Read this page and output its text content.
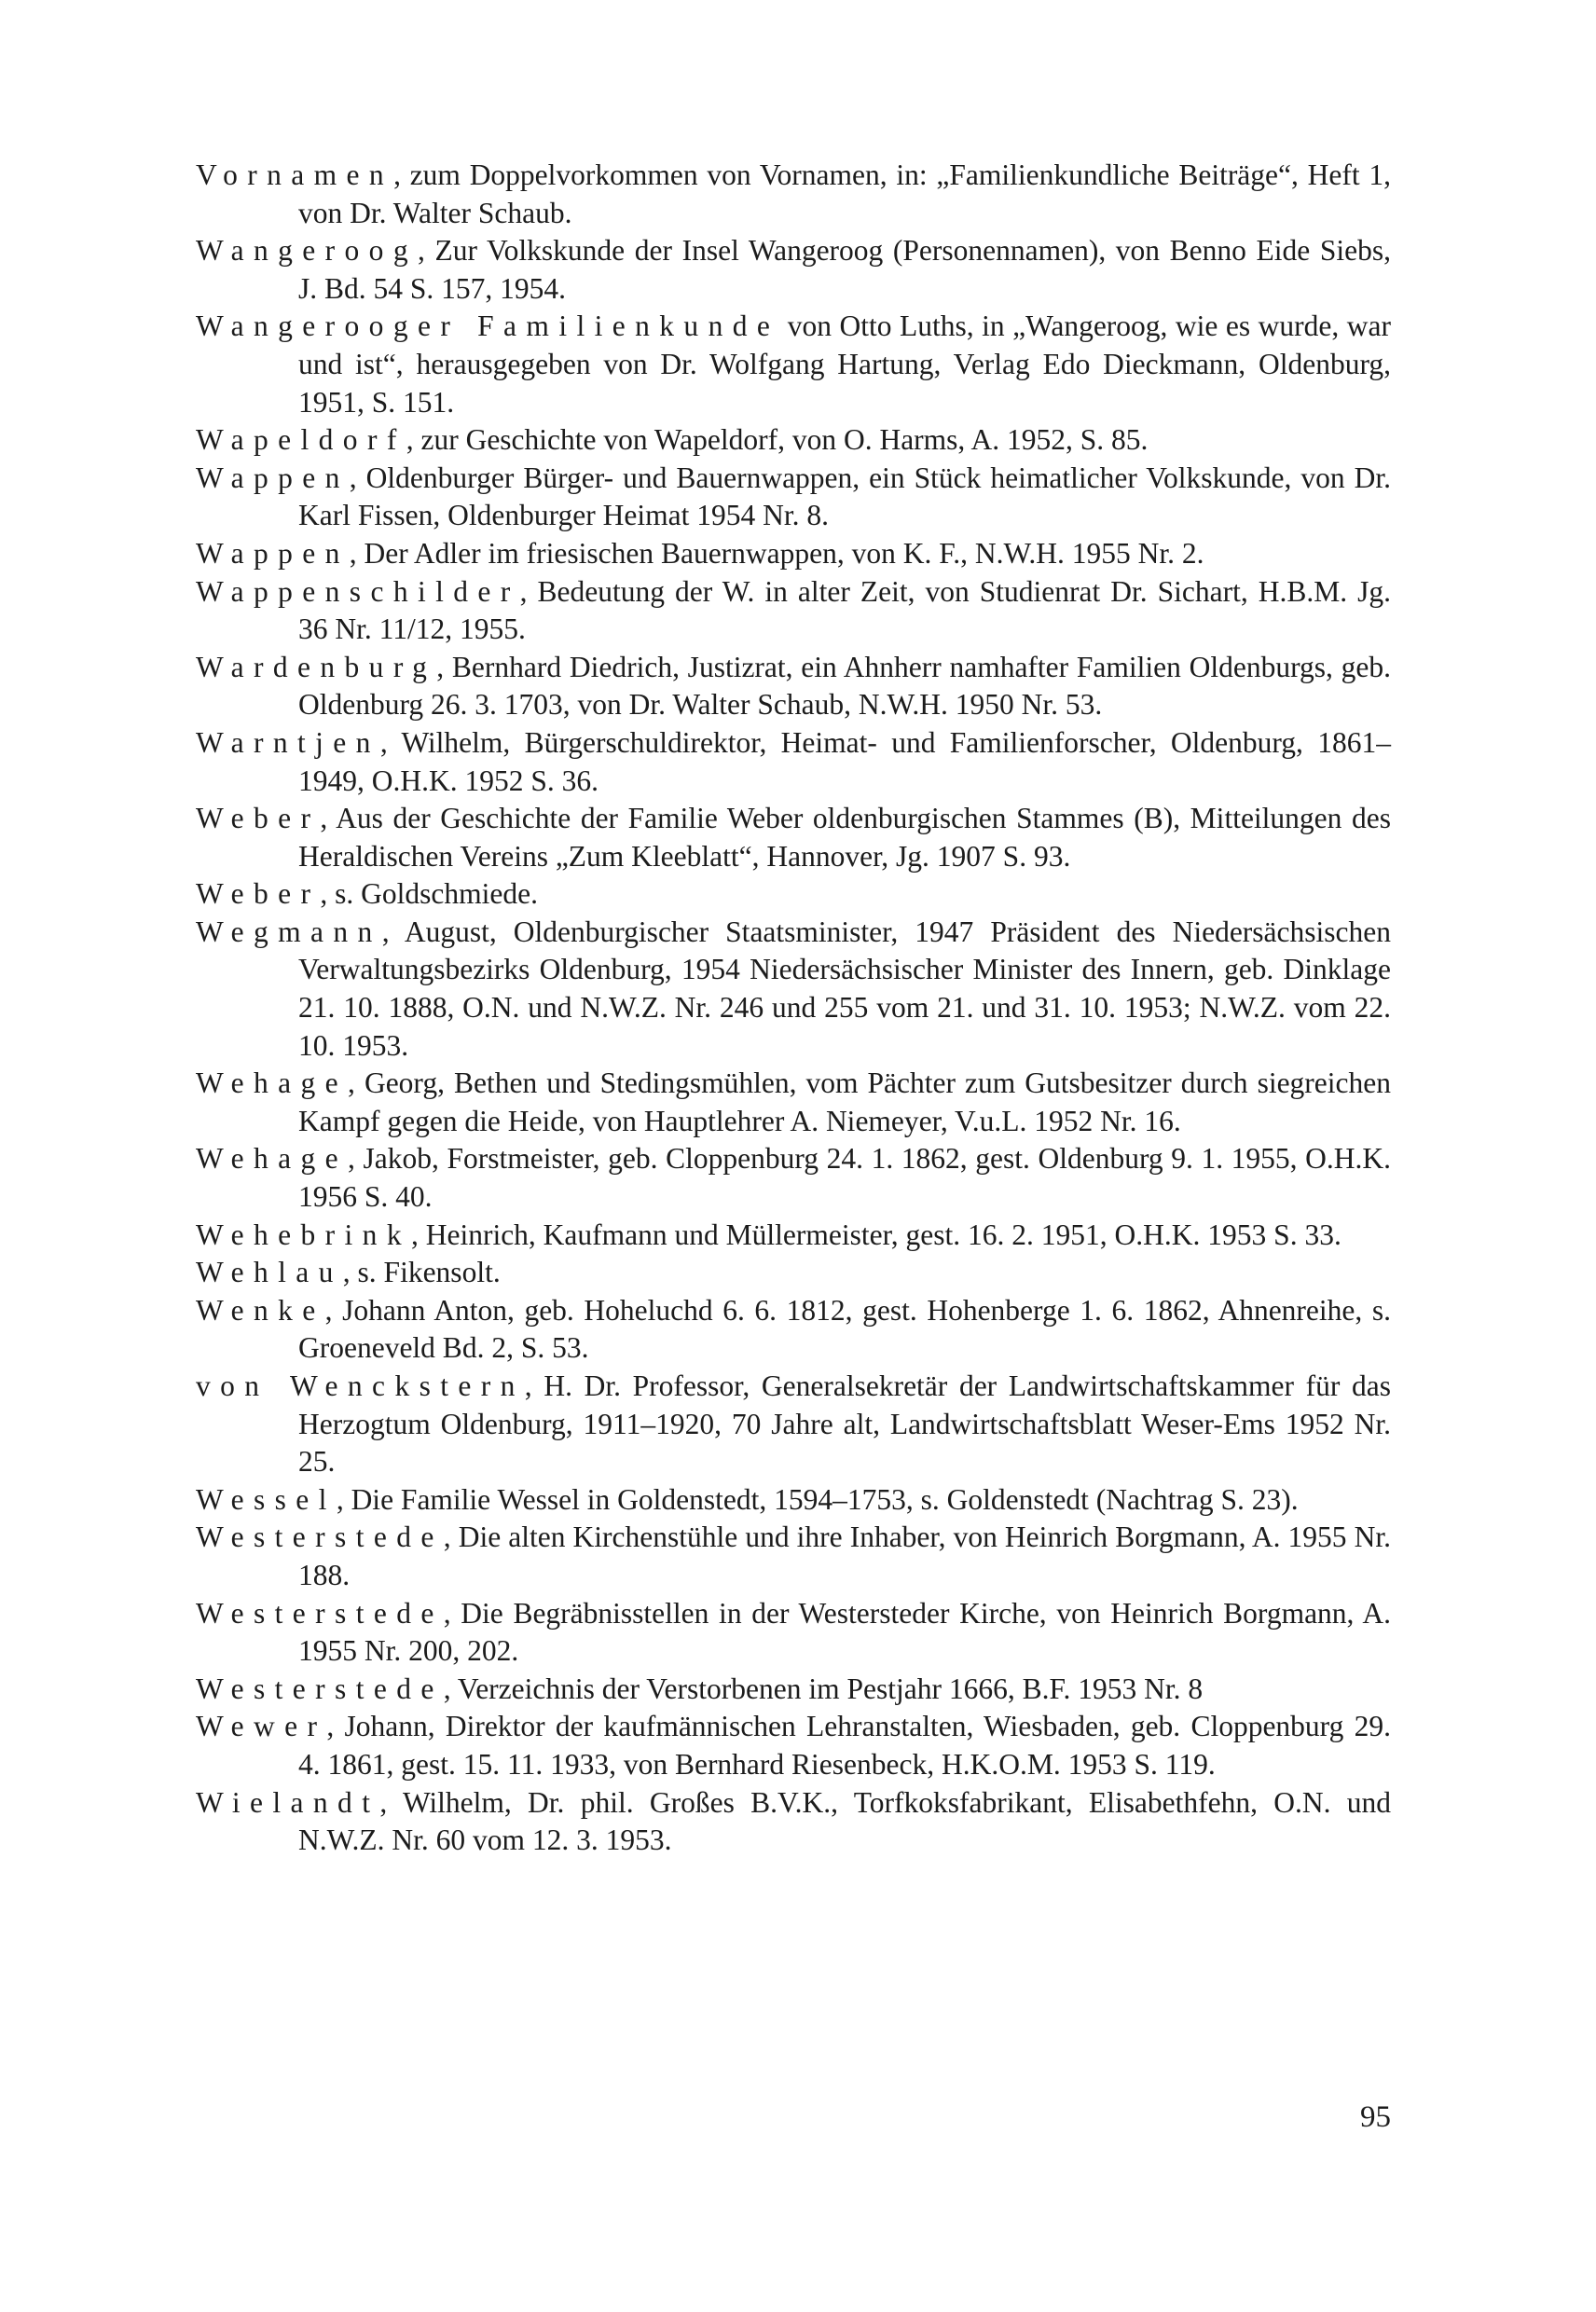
Vornamen, zum Doppelvorkommen von Vornamen, in: „Familienkundliche Beiträge“, Heft 1, von Dr. Walter Schaub.

Wangeroog, Zur Volkskunde der Insel Wangeroog (Personennamen), von Benno Eide Siebs, J. Bd. 54 S. 157, 1954.

Wangerooger Familienkunde von Otto Luths, in „Wangeroog, wie es wurde, war und ist“, herausgegeben von Dr. Wolfgang Hartung, Verlag Edo Dieckmann, Oldenburg, 1951, S. 151.

Wapeldorf, zur Geschichte von Wapeldorf, von O. Harms, A. 1952, S. 85.

Wappen, Oldenburger Bürger- und Bauernwappen, ein Stück heimatlicher Volkskunde, von Dr. Karl Fissen, Oldenburger Heimat 1954 Nr. 8.

Wappen, Der Adler im friesischen Bauernwappen, von K. F., N.W.H. 1955 Nr. 2.

Wappenschilder, Bedeutung der W. in alter Zeit, von Studienrat Dr. Sichart, H.B.M. Jg. 36 Nr. 11/12, 1955.

Wardenburg, Bernhard Diedrich, Justizrat, ein Ahnherr namhafter Familien Oldenburgs, geb. Oldenburg 26. 3. 1703, von Dr. Walter Schaub, N.W.H. 1950 Nr. 53.

Warntjen, Wilhelm, Bürgerschuldirektor, Heimat- und Familienforscher, Oldenburg, 1861–1949, O.H.K. 1952 S. 36.

Weber, Aus der Geschichte der Familie Weber oldenburgischen Stammes (B), Mitteilungen des Heraldischen Vereins „Zum Kleeblatt“, Hannover, Jg. 1907 S. 93.

Weber, s. Goldschmiede.

Wegmann, August, Oldenburgischer Staatsminister, 1947 Präsident des Niedersächsischen Verwaltungsbezirks Oldenburg, 1954 Niedersächsischer Minister des Innern, geb. Dinklage 21. 10. 1888, O.N. und N.W.Z. Nr. 246 und 255 vom 21. und 31. 10. 1953; N.W.Z. vom 22. 10. 1953.

Wehage, Georg, Bethen und Stedingsmühlen, vom Pächter zum Gutsbesitzer durch siegreichen Kampf gegen die Heide, von Hauptlehrer A. Niemeyer, V.u.L. 1952 Nr. 16.

Wehage, Jakob, Forstmeister, geb. Cloppenburg 24. 1. 1862, gest. Oldenburg 9. 1. 1955, O.H.K. 1956 S. 40.

Wehebrink, Heinrich, Kaufmann und Müllermeister, gest. 16. 2. 1951, O.H.K. 1953 S. 33.

Wehlau, s. Fikensolt.

Wenke, Johann Anton, geb. Hoheluchd 6. 6. 1812, gest. Hohenberge 1. 6. 1862, Ahnenreihe, s. Groeneveld Bd. 2, S. 53.

von Wenckstern, H. Dr. Professor, Generalsekretär der Landwirtschaftskammer für das Herzogtum Oldenburg, 1911–1920, 70 Jahre alt, Landwirtschaftsblatt Weser-Ems 1952 Nr. 25.

Wessel, Die Familie Wessel in Goldenstedt, 1594–1753, s. Goldenstedt (Nachtrag S. 23).

Westerstede, Die alten Kirchenstühle und ihre Inhaber, von Heinrich Borgmann, A. 1955 Nr. 188.

Westerstede, Die Begräbnisstellen in der Westersteder Kirche, von Heinrich Borgmann, A. 1955 Nr. 200, 202.

Westerstede, Verzeichnis der Verstorbenen im Pestjahr 1666, B.F. 1953 Nr. 8

Wewer, Johann, Direktor der kaufmännischen Lehranstalten, Wiesbaden, geb. Cloppenburg 29. 4. 1861, gest. 15. 11. 1933, von Bernhard Riesenbeck, H.K.O.M. 1953 S. 119.

Wielandt, Wilhelm, Dr. phil. Großes B.V.K., Torfkoksfabrikant, Elisabethfehn, O.N. und N.W.Z. Nr. 60 vom 12. 3. 1953.

95
